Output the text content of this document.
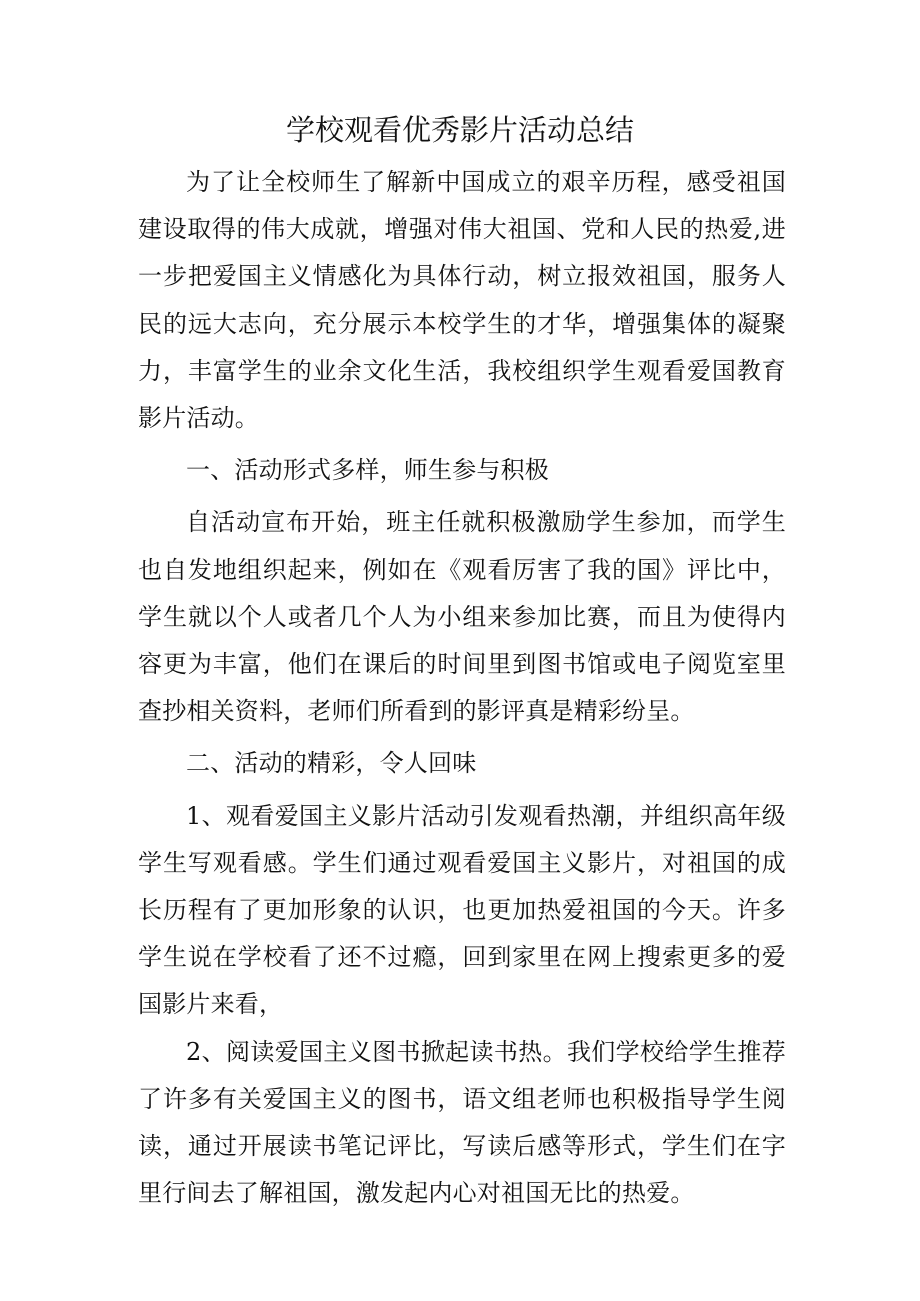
学校观看优秀影片活动总结

为了让全校师生了解新中国成立的艰辛历程，感受祖国建设取得的伟大成就，增强对伟大祖国、党和人民的热爱,进一步把爱国主义情感化为具体行动，树立报效祖国，服务人民的远大志向，充分展示本校学生的才华，增强集体的凝聚力，丰富学生的业余文化生活，我校组织学生观看爱国教育影片活动。

一、活动形式多样，师生参与积极

自活动宣布开始，班主任就积极激励学生参加，而学生也自发地组织起来，例如在《观看厉害了我的国》评比中，学生就以个人或者几个人为小组来参加比赛，而且为使得内容更为丰富，他们在课后的时间里到图书馆或电子阅览室里查抄相关资料，老师们所看到的影评真是精彩纷呈。

二、活动的精彩，令人回味

1、观看爱国主义影片活动引发观看热潮，并组织高年级学生写观看感。学生们通过观看爱国主义影片，对祖国的成长历程有了更加形象的认识，也更加热爱祖国的今天。许多学生说在学校看了还不过瘾，回到家里在网上搜索更多的爱国影片来看，

2、阅读爱国主义图书掀起读书热。我们学校给学生推荐了许多有关爱国主义的图书，语文组老师也积极指导学生阅读，通过开展读书笔记评比，写读后感等形式，学生们在字里行间去了解祖国，激发起内心对祖国无比的热爱。
